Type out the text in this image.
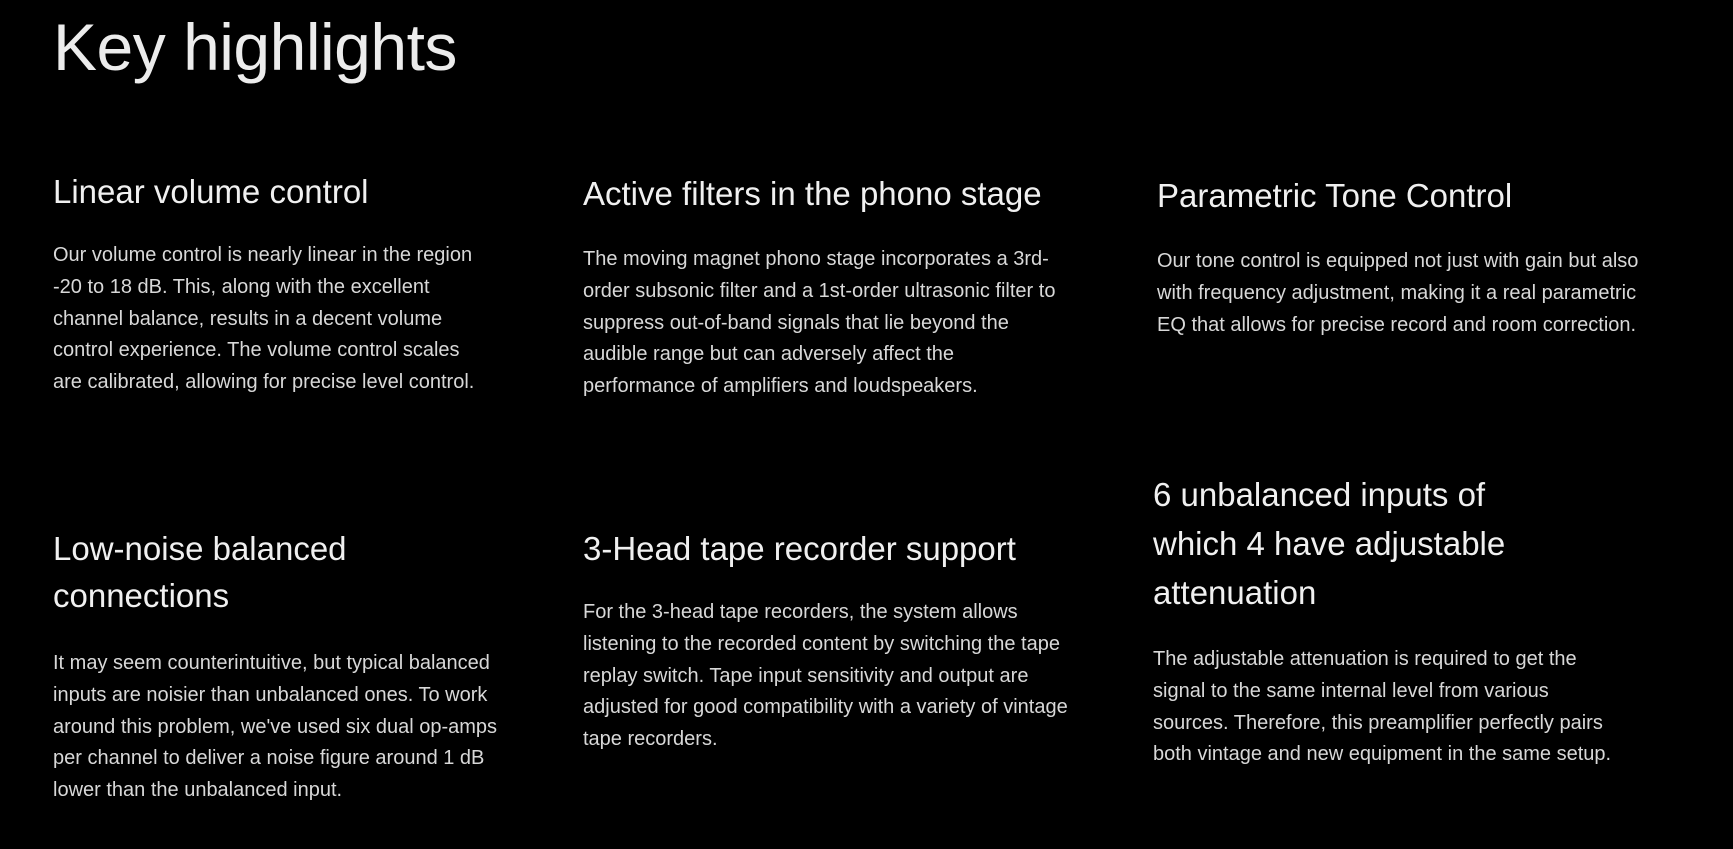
Key highlights
Linear volume control

Our volume control is nearly linear in the region -20 to 18 dB. This, along with the excellent channel balance, results in a decent volume control experience. The volume control scales are calibrated, allowing for precise level control.

Active filters in the phono stage

The moving magnet phono stage incorporates a 3rd-order subsonic filter and a 1st-order ultrasonic filter to suppress out-of-band signals that lie beyond the audible range but can adversely affect the performance of amplifiers and loudspeakers.

Parametric Tone Control

Our tone control is equipped not just with gain but also with frequency adjustment, making it a real parametric EQ that allows for precise record and room correction.

Low-noise balanced connections

It may seem counterintuitive, but typical balanced inputs are noisier than unbalanced ones. To work around this problem, we've used six dual op-amps per channel to deliver a noise figure around 1 dB lower than the unbalanced input.

3-Head tape recorder support

For the 3-head tape recorders, the system allows listening to the recorded content by switching the tape replay switch. Tape input sensitivity and output are adjusted for good compatibility with a variety of vintage tape recorders.

6 unbalanced inputs of which 4 have adjustable attenuation

The adjustable attenuation is required to get the signal to the same internal level from various sources. Therefore, this preamplifier perfectly pairs both vintage and new equipment in the same setup.
